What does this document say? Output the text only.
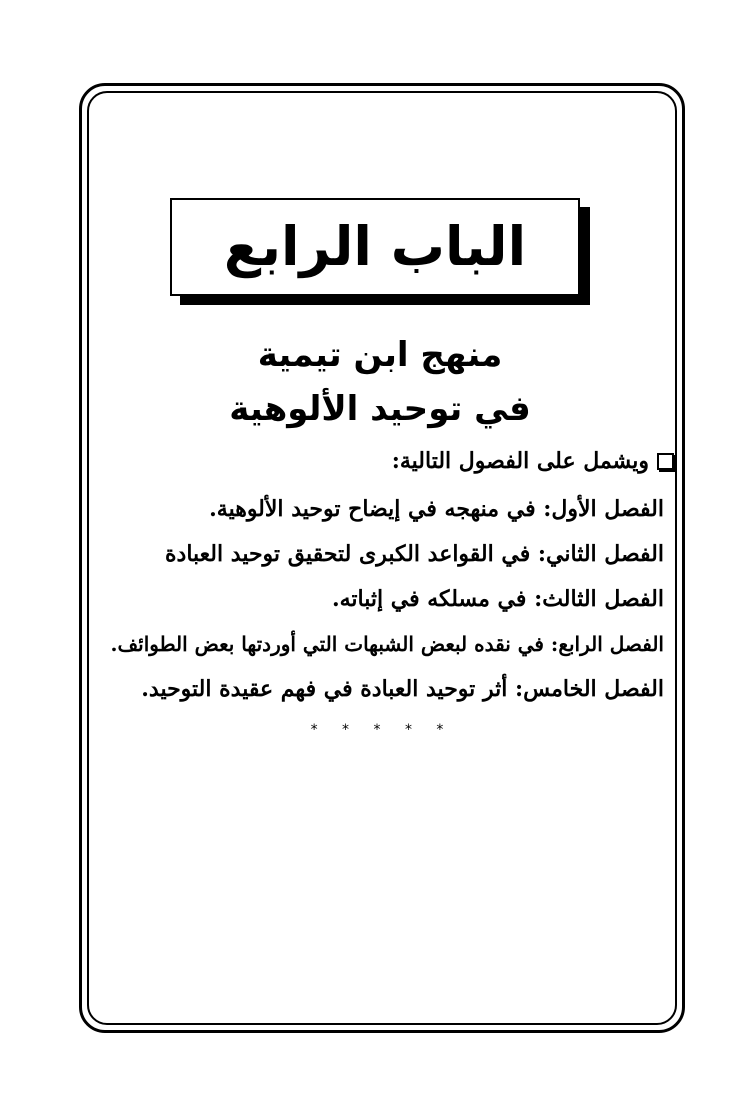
الباب الرابع
منهج ابن تيمية
في توحيد الألوهية
ويشمل على الفصول التالية:
الفصل الأول: في منهجه في إيضاح توحيد الألوهية.
الفصل الثاني: في القواعد الكبرى لتحقيق توحيد العبادة
الفصل الثالث: في مسلكه في إثباته.
الفصل الرابع: في نقده لبعض الشبهات التي أوردتها بعض الطوائف.
الفصل الخامس: أثر توحيد العبادة في فهم عقيدة التوحيد.
* * * * *
